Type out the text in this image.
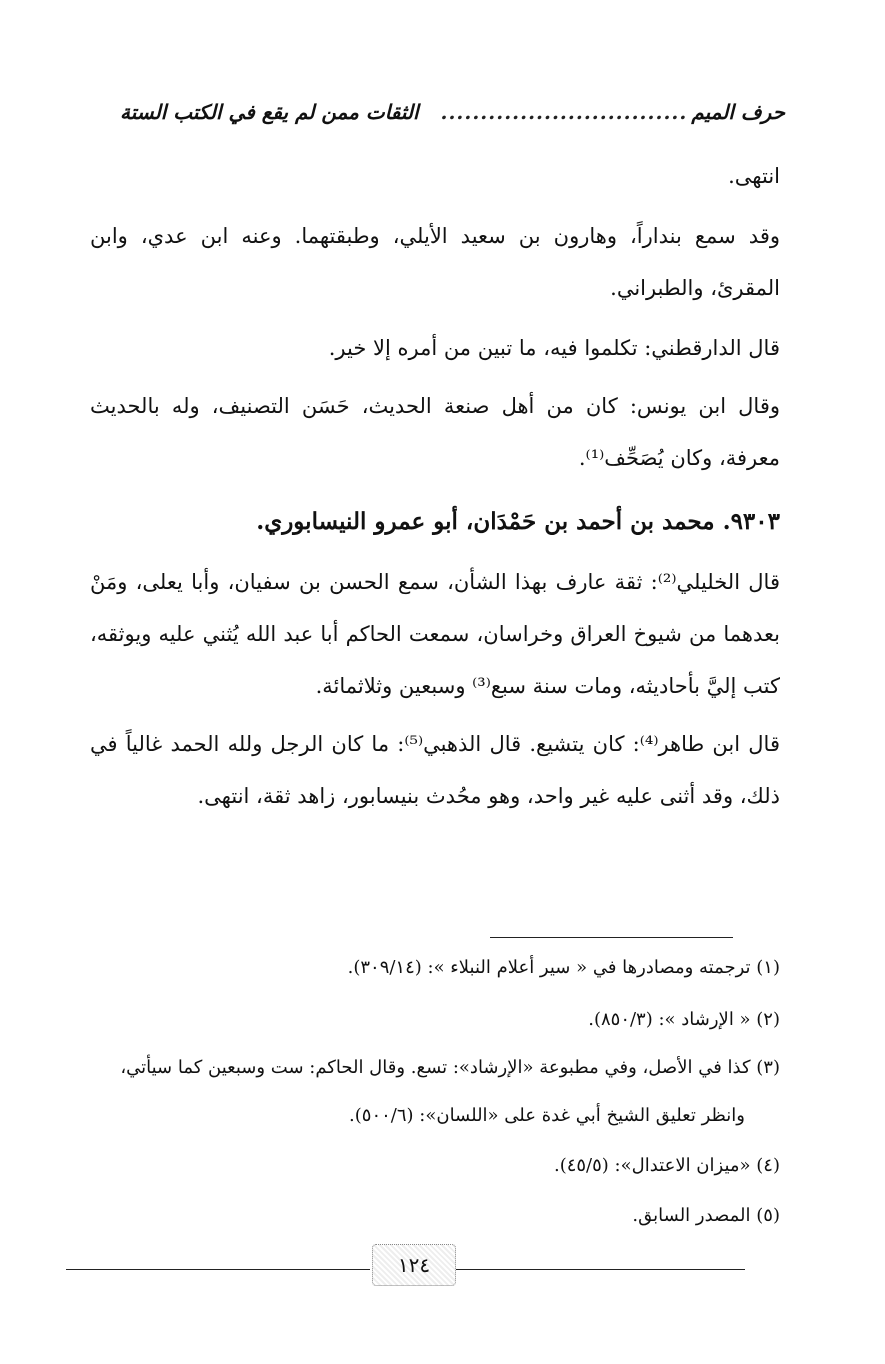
حرف الميم
...............................
الثقات ممن لم يقع في الكتب الستة
انتهى.
وقد سمع بنداراً، وهارون بن سعيد الأيلي، وطبقتهما. وعنه ابن عدي، وابن المقرئ، والطبراني.
قال الدارقطني: تكلموا فيه، ما تبين من أمره إلا خير.
وقال ابن يونس: كان من أهل صنعة الحديث، حَسَن التصنيف، وله بالحديث معرفة، وكان يُصَحِّف⁽¹⁾.
٩٣٠٣. محمد بن أحمد بن حَمْدَان، أبو عمرو النيسابوري.
قال الخليلي⁽²⁾: ثقة عارف بهذا الشأن، سمع الحسن بن سفيان، وأبا يعلى، ومَنْ بعدهما من شيوخ العراق وخراسان، سمعت الحاكم أبا عبد الله يُثني عليه ويوثقه، كتب إليَّ بأحاديثه، ومات سنة سبع⁽³⁾ وسبعين وثلاثمائة.
قال ابن طاهر⁽⁴⁾: كان يتشيع. قال الذهبي⁽⁵⁾: ما كان الرجل ولله الحمد غالياً في ذلك، وقد أثنى عليه غير واحد، وهو محُدث بنيسابور، زاهد ثقة، انتهى.
(١) ترجمته ومصادرها في « سير أعلام النبلاء »: (٣٠٩/١٤).
(٢) « الإرشاد »: (٨٥٠/٣).
(٣) كذا في الأصل، وفي مطبوعة «الإرشاد»: تسع. وقال الحاكم: ست وسبعين كما سيأتي،
وانظر تعليق الشيخ أبي غدة على «اللسان»: (٥٠٠/٦).
(٤) «ميزان الاعتدال»: (٤٥/٥).
(٥) المصدر السابق.
١٢٤
